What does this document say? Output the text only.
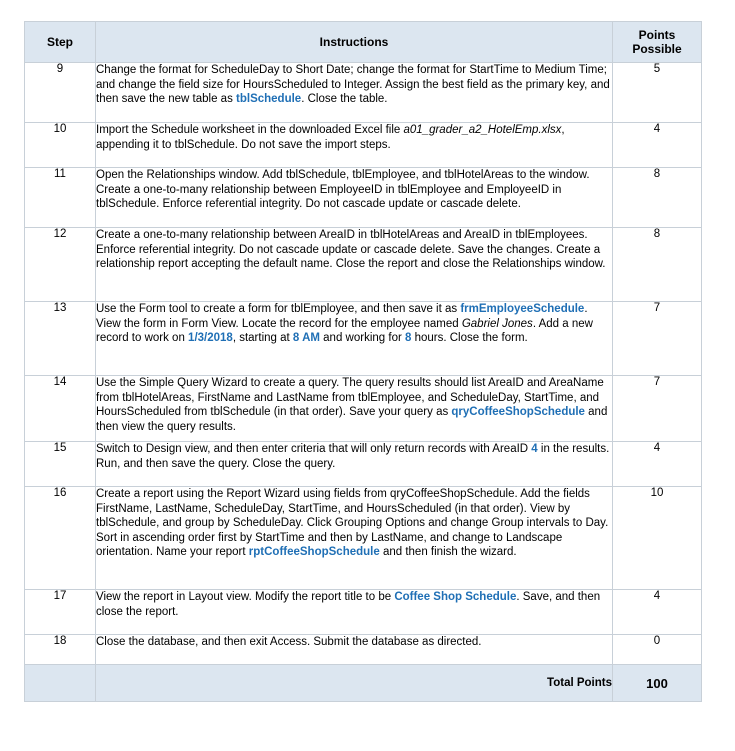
Step	Instructions	Points
Possible
9	Change the format for ScheduleDay to Short Date; change the format for StartTime to Medium Time; and change the field size for HoursScheduled to Integer. Assign the best field as the primary key, and then save the new table as tblSchedule. Close the table.	5
10	Import the Schedule worksheet in the downloaded Excel file a01_grader_a2_HotelEmp.xlsx, appending it to tblSchedule. Do not save the import steps.	4
11	Open the Relationships window. Add tblSchedule, tblEmployee, and tblHotelAreas to the window. Create a one-to-many relationship between EmployeeID in tblEmployee and EmployeeID in tblSchedule. Enforce referential integrity. Do not cascade update or cascade delete.	8
12	Create a one-to-many relationship between AreaID in tblHotelAreas and AreaID in tblEmployees. Enforce referential integrity. Do not cascade update or cascade delete. Save the changes. Create a relationship report accepting the default name. Close the report and close the Relationships window.	8
13	Use the Form tool to create a form for tblEmployee, and then save it as frmEmployeeSchedule. View the form in Form View. Locate the record for the employee named Gabriel Jones. Add a new record to work on 1/3/2018, starting at 8 AM and working for 8 hours. Close the form.	7
14	Use the Simple Query Wizard to create a query. The query results should list AreaID and AreaName from tblHotelAreas, FirstName and LastName from tblEmployee, and ScheduleDay, StartTime, and HoursScheduled from tblSchedule (in that order). Save your query as qryCoffeeShopSchedule and then view the query results.	7
15	Switch to Design view, and then enter criteria that will only return records with AreaID 4 in the results. Run, and then save the query. Close the query.	4
16	Create a report using the Report Wizard using fields from qryCoffeeShopSchedule. Add the fields FirstName, LastName, ScheduleDay, StartTime, and HoursScheduled (in that order). View by tblSchedule, and group by ScheduleDay. Click Grouping Options and change Group intervals to Day. Sort in ascending order first by StartTime and then by LastName, and change to Landscape orientation. Name your report rptCoffeeShopSchedule and then finish the wizard.	10
17	View the report in Layout view. Modify the report title to be Coffee Shop Schedule. Save, and then close the report.	4
18	Close the database, and then exit Access. Submit the database as directed.	0
	Total Points	100
